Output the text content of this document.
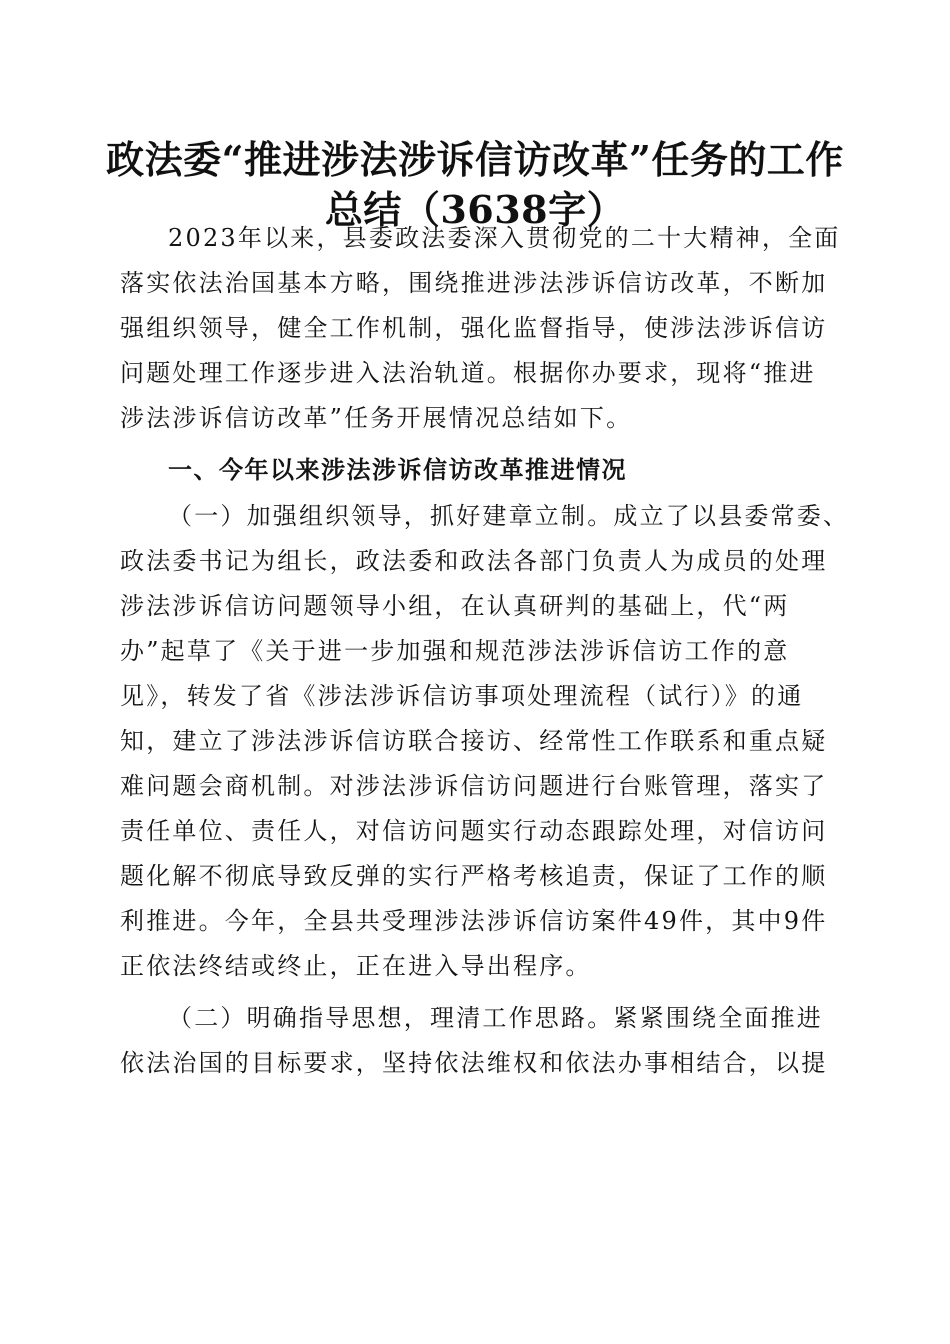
政法委“推进涉法涉诉信访改革”任务的工作
总结（3638字）

2023年以来，县委政法委深入贯彻党的二十大精神，全面

落实依法治国基本方略，围绕推进涉法涉诉信访改革，不断加

强组织领导，健全工作机制，强化监督指导，使涉法涉诉信访

问题处理工作逐步进入法治轨道。根据你办要求，现将“推进

涉法涉诉信访改革”任务开展情况总结如下。

一、今年以来涉法涉诉信访改革推进情况

（一）加强组织领导，抓好建章立制。成立了以县委常委、

政法委书记为组长，政法委和政法各部门负责人为成员的处理

涉法涉诉信访问题领导小组，在认真研判的基础上，代“两

办”起草了《关于进一步加强和规范涉法涉诉信访工作的意

见》，转发了省《涉法涉诉信访事项处理流程（试行）》的通

知，建立了涉法涉诉信访联合接访、经常性工作联系和重点疑

难问题会商机制。对涉法涉诉信访问题进行台账管理，落实了

责任单位、责任人，对信访问题实行动态跟踪处理，对信访问

题化解不彻底导致反弹的实行严格考核追责，保证了工作的顺

利推进。今年，全县共受理涉法涉诉信访案件49件，其中9件

正依法终结或终止，正在进入导出程序。

（二）明确指导思想，理清工作思路。紧紧围绕全面推进

依法治国的目标要求，坚持依法维权和依法办事相结合，以提
